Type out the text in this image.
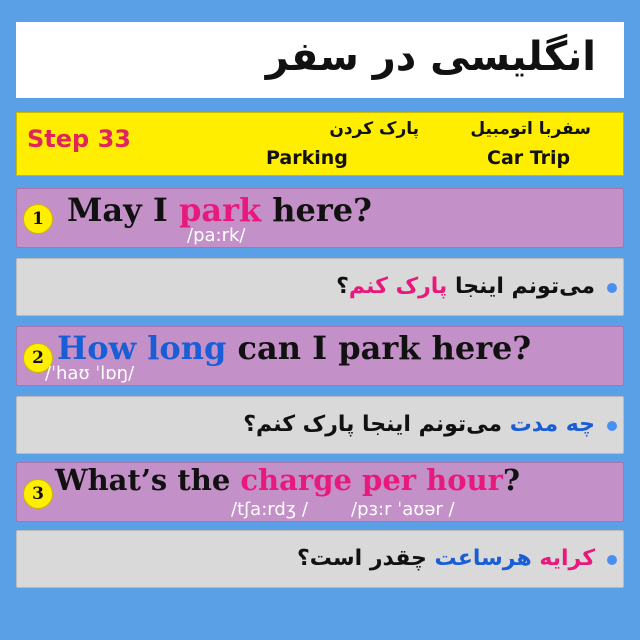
انگلیسی در سفر
Step 33	پارک کردن
Parking
سفربا اتومبیل
Car Trip
1 May I park here?
/pa:rk/
می‌تونم اینجا پارک کنم؟
2 How long can I park here?
/ˈhaʊ ˈlɒŋ/
چه مدت می‌تونم اینجا پارک کنم؟
3 What’s the charge per hour?
/tʃa:rdʒ / /pɜ:r ˈaʊər /
کرایه هرساعت چقدر است؟
